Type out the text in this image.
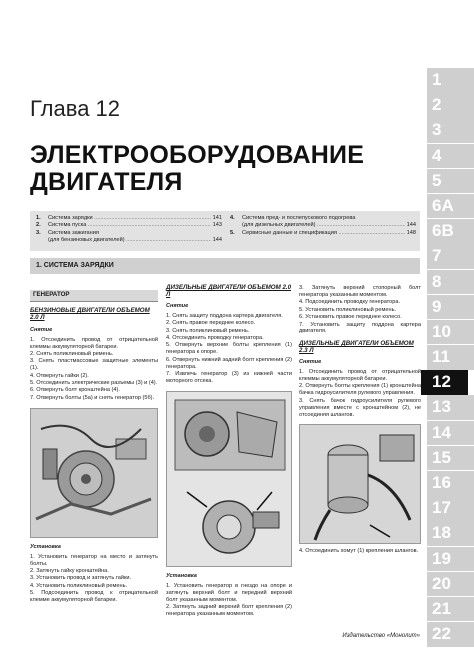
Глава 12
ЭЛЕКТРООБОРУДОВАНИЕ ДВИГАТЕЛЯ
1.	Система зарядки .....	141
2.	Система пуска .....	143
3.	Система зажигания
(для бензиновых двигателей) .....	144
4.	Система пред- и послепускового подогрева
(для дизельных двигателей) .....	144
5.	Сервисные данные и спецификация .....	148
1. СИСТЕМА ЗАРЯДКИ
ГЕНЕРАТОР
БЕНЗИНОВЫЕ ДВИГАТЕЛИ ОБЪЕМОМ 2.0 Л
Снятие
1. Отсоединить провод от отрицательной клеммы аккумуляторной батареи.
2. Снять поликлиновый ремень.
3. Снять пластмассовые защитные элементы (1).
4. Отвернуть гайки (2).
5. Отсоединить электрические разъемы (3) и (4).
6. Отвернуть болт кронштейна (4).
7. Отвернуть болты (5а) и снять генератор (5б).
Установка
1. Установить генератор на место и затянуть болты.
2. Затянуть гайку кронштейна.
3. Установить провод и затянуть гайки.
4. Установить поликлиновый ремень.
5. Подсоединить провод к отрицательной клемме аккумуляторной батареи.
ДИЗЕЛЬНЫЕ ДВИГАТЕЛИ ОБЪЕМОМ 2.0 Л
Снятие
1. Снять защиту поддона картера двигателя.
2. Снять правое переднее колесо.
3. Снять поликлиновый ремень.
4. Отсоединить проводку генератора.
5. Отвернуть верхние болты крепления (1) генератора к опоре.
6. Отвернуть нижний задний болт крепления (2) генератора.
7. Извлечь генератор (3) из нижней части моторного отсека.
Установка
1. Установить генератор в гнездо на опоре и затянуть верхний болт и передний верхний болт указанным моментом.
2. Затянуть задний верхний болт крепления (2) генератора указанным моментом.
3. Затянуть верхний стопорный болт генератора указанным моментом.
4. Подсоединить проводку генератора.
5. Установить поликлиновый ремень.
6. Установить правое переднее колесо.
7. Установить защиту поддона картера двигателя.
ДИЗЕЛЬНЫЕ ДВИГАТЕЛИ ОБЪЕМОМ 2.3 Л
Снятие
1. Отсоединить провод от отрицательной клеммы аккумуляторной батареи.
2. Отвернуть болты крепления (1) кронштейна бачка гидроусилителя рулевого управления.
3. Снять бачок гидроусилителя рулевого управления вместе с кронштейном (2), не отсоединяя шлангов.
4. Отсоединить хомут (1) крепления шлангов.
1
2
3
4
5
6A
6B
7
8
9
10
11
12
13
14
15
16
17
18
19
20
21
22
Издательство «Монолит»
